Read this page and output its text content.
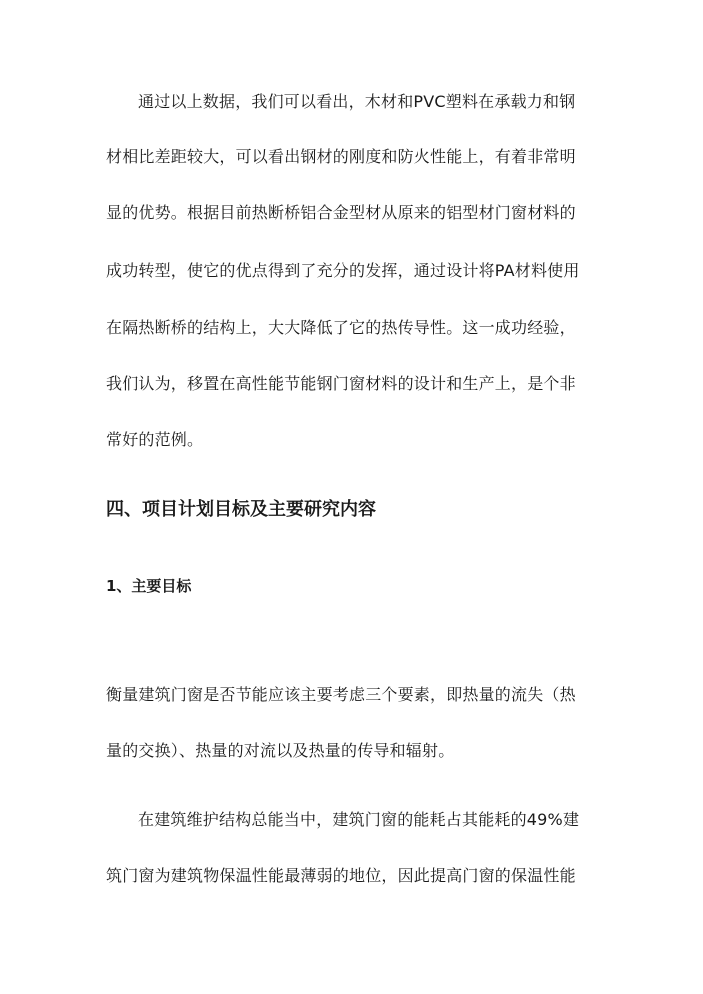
通过以上数据，我们可以看出，木材和PVC塑料在承载力和钢
材相比差距较大，可以看出钢材的刚度和防火性能上，有着非常明
显的优势。根据目前热断桥铝合金型材从原来的铝型材门窗材料的
成功转型，使它的优点得到了充分的发挥，通过设计将PA材料使用
在隔热断桥的结构上，大大降低了它的热传导性。这一成功经验，
我们认为，移置在高性能节能钢门窗材料的设计和生产上，是个非
常好的范例。
四、项目计划目标及主要研究内容
1、主要目标
衡量建筑门窗是否节能应该主要考虑三个要素，即热量的流失（热
量的交换）、热量的对流以及热量的传导和辐射。
在建筑维护结构总能当中，建筑门窗的能耗占其能耗的49%建
筑门窗为建筑物保温性能最薄弱的地位，因此提高门窗的保温性能
